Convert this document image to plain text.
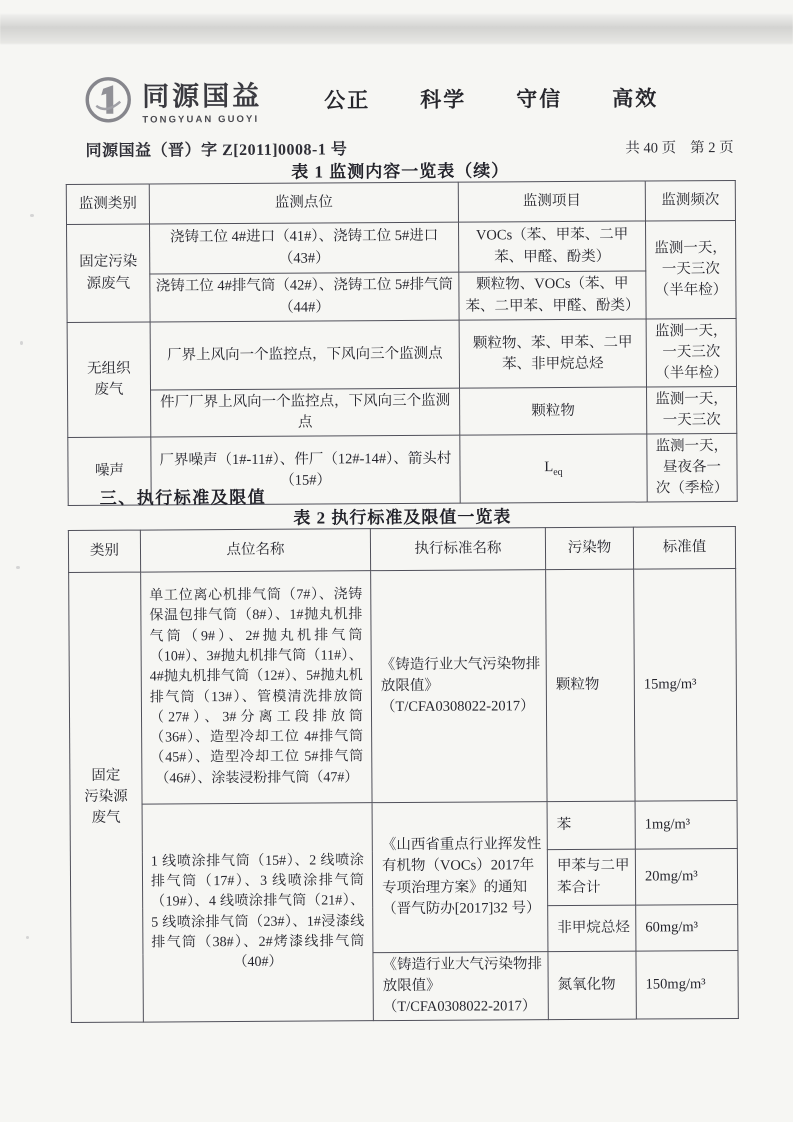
同源国益
TONGYUAN GUOYI
公正 科学 守信 高效
同源国益（晋）字 Z[2011]0008-1 号	共 40 页 第 2 页
表 1 监测内容一览表（续）
监测类别	监测点位	监测项目	监测频次
固定污染
源废气	浇铸工位 4#进口（41#）、浇铸工位 5#进口（43#）	VOCs（苯、甲苯、二甲苯、甲醛、酚类）	监测一天，
一天三次
（半年检）
	浇铸工位 4#排气筒（42#）、浇铸工位 5#排气筒（44#）	颗粒物、VOCs（苯、甲苯、二甲苯、甲醛、酚类）	
无组织
废气	厂界上风向一个监控点，下风向三个监测点	颗粒物、苯、甲苯、二甲苯、非甲烷总烃	监测一天，
一天三次
（半年检）
	件厂厂界上风向一个监控点，下风向三个监测点	颗粒物	监测一天，
一天三次
噪声	厂界噪声（1#-11#）、件厂（12#-14#）、箭头村（15#）	$L_{eq}$	监测一天，
昼夜各一
次（季检）
三、执行标准及限值
表 2 执行标准及限值一览表
类别	点位名称	执行标准名称	污染物	标准值
固定
污染源
废气	单工位离心机排气筒（7#）、浇铸保温包排气筒（8#）、1#抛丸机排气筒（9#）、2#抛丸机排气筒（10#）、3#抛丸机排气筒（11#）、4#抛丸机排气筒（12#）、5#抛丸机排气筒（13#）、管模清洗排放筒（27#）、3#分离工段排放筒（36#）、造型冷却工位 4#排气筒（45#）、造型冷却工位 5#排气筒（46#）、涂装浸粉排气筒（47#）	《铸造行业大气污染物排放限值》
（T/CFA0308022-2017）	颗粒物	15mg/m³
	1 线喷涂排气筒（15#）、2 线喷涂排气筒（17#）、3 线喷涂排气筒（19#）、4 线喷涂排气筒（21#）、5 线喷涂排气筒（23#）、1#浸漆线排气筒（38#）、2#烤漆线排气筒（40#）	《山西省重点行业挥发性有机物（VOCs）2017年专项治理方案》的通知（晋气防办[2017]32 号）	苯	1mg/m³
			甲苯与二甲苯合计	20mg/m³
			非甲烷总烃	60mg/m³
		《铸造行业大气污染物排放限值》
（T/CFA0308022-2017）	氮氧化物	150mg/m³
